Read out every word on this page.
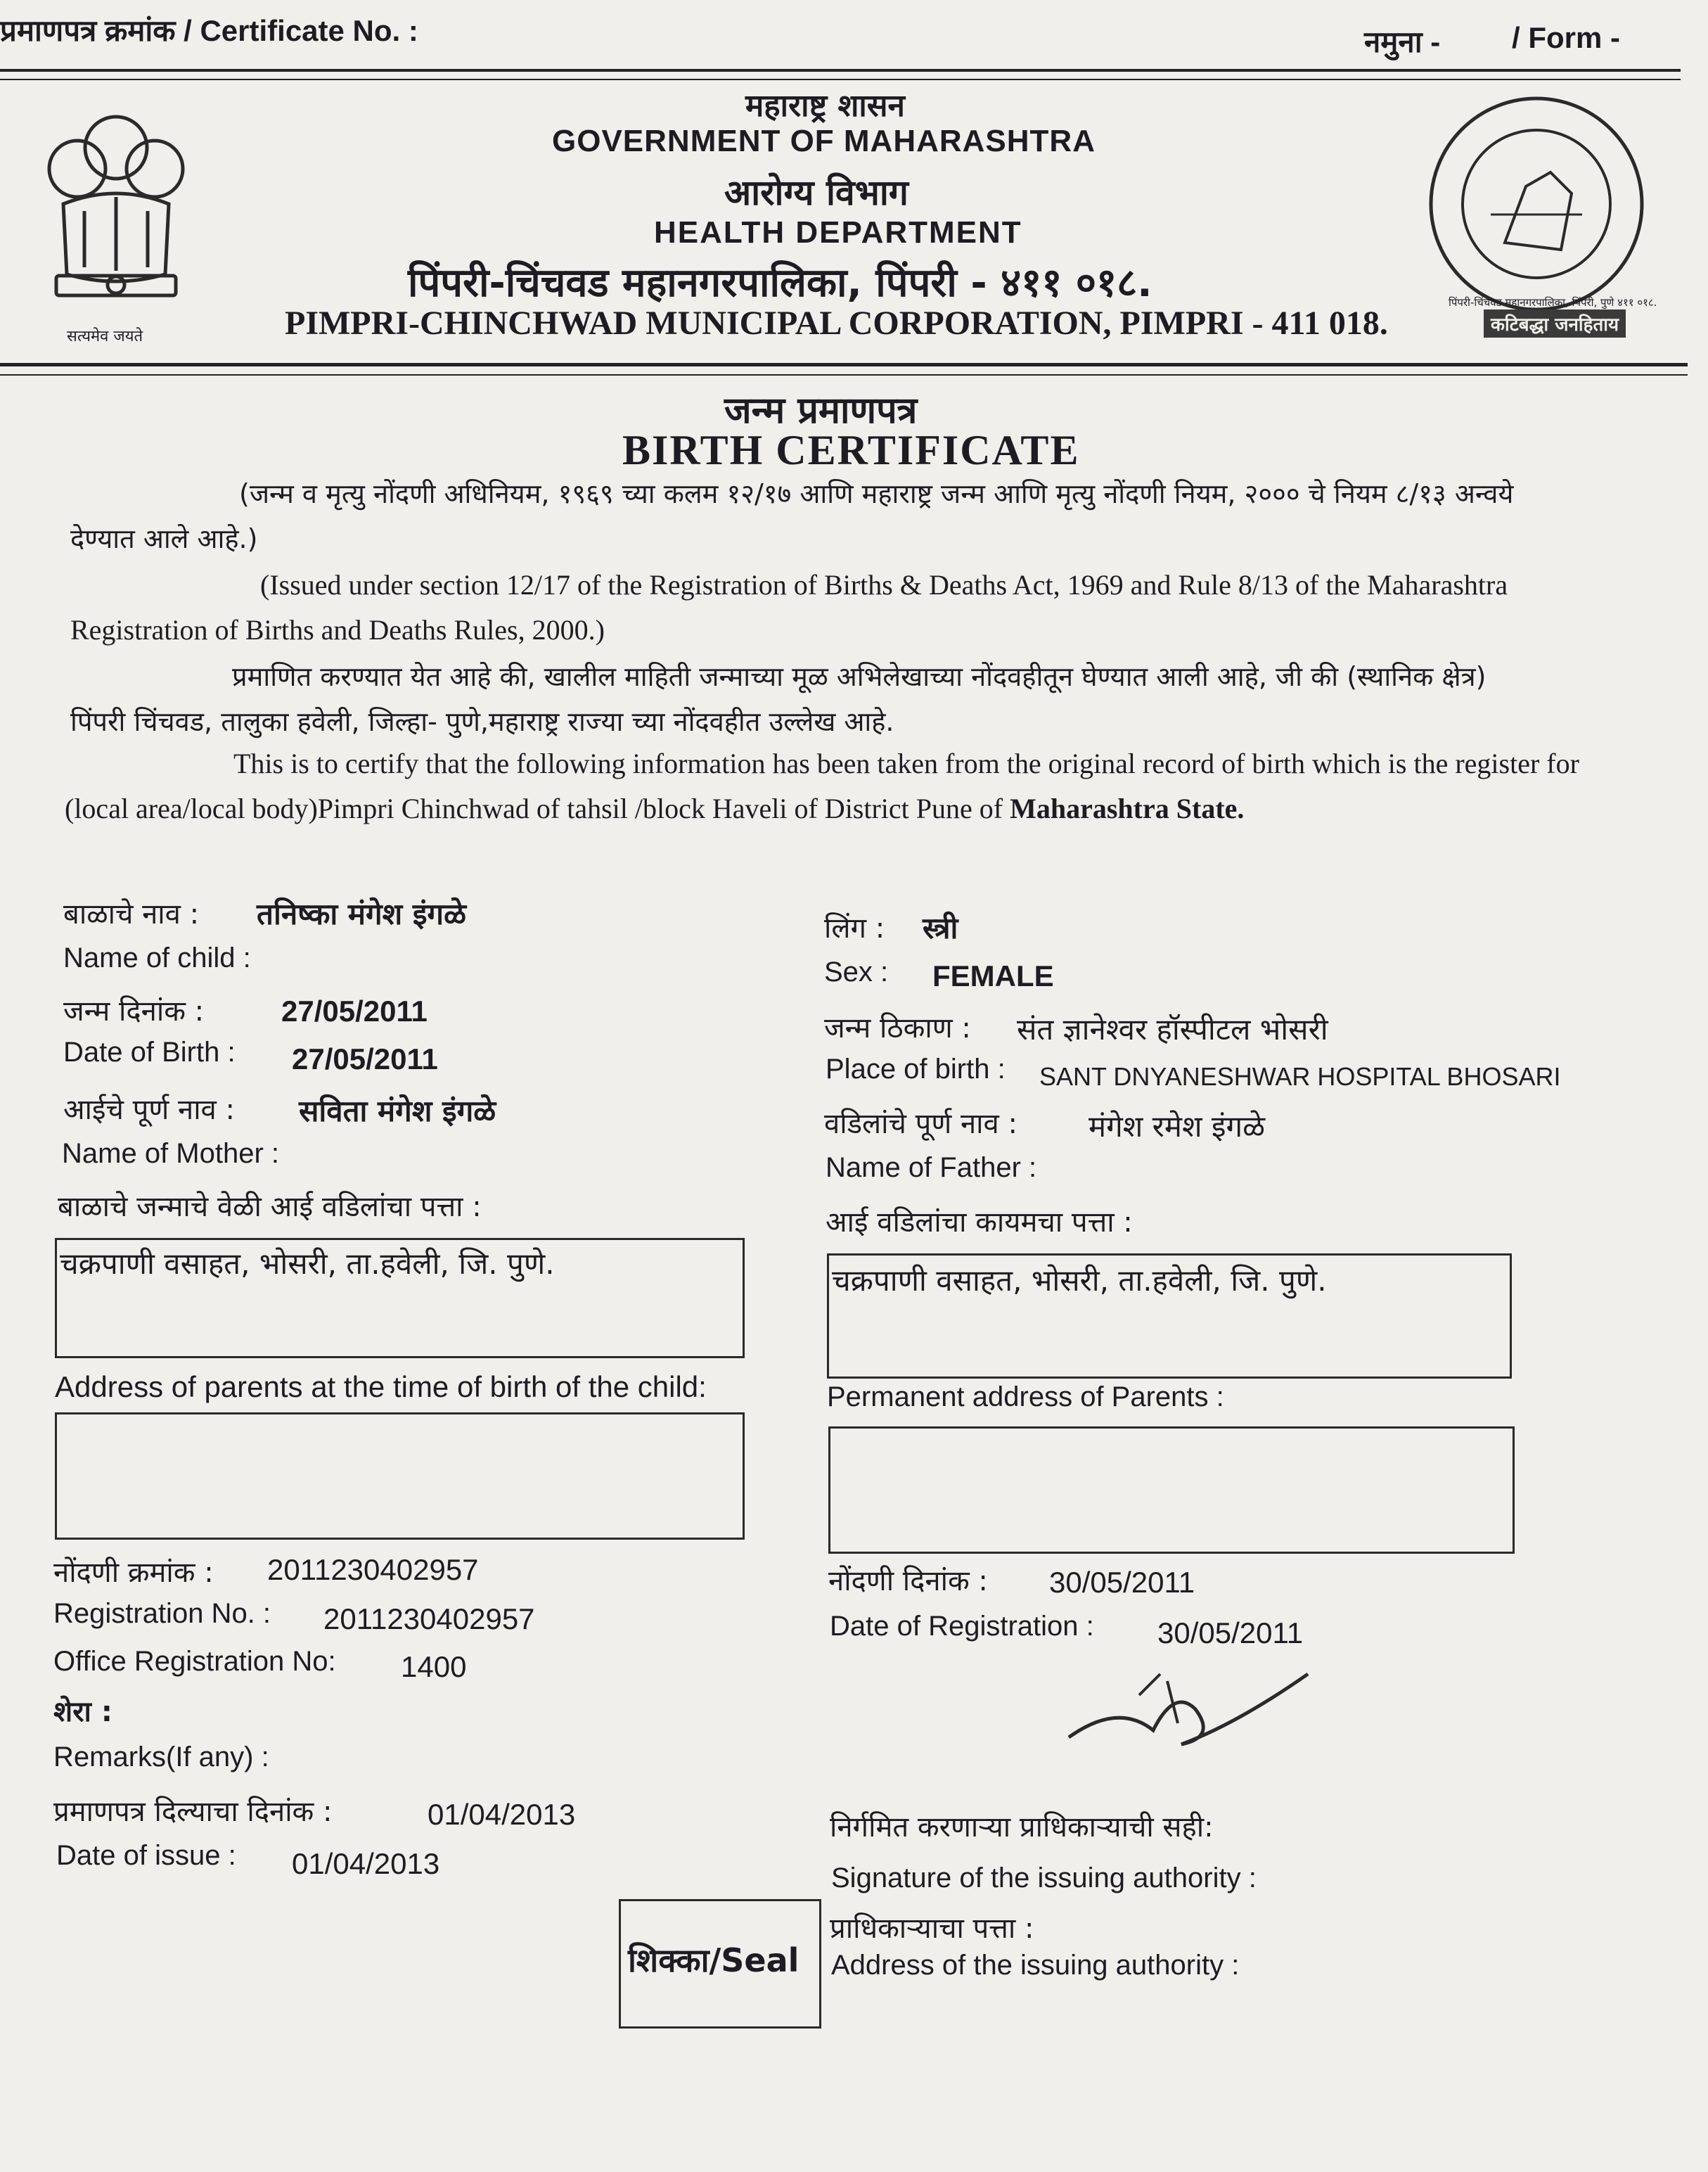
प्रमाणपत्र क्रमांक / Certificate No. :	नमुना - / Form -
सत्यमेव जयते
महाराष्ट्र शासन
GOVERNMENT OF MAHARASHTRA
आरोग्य विभाग
HEALTH DEPARTMENT
पिंपरी-चिंचवड महानगरपालिका, पिंपरी - ४११ ०१८.
PIMPRI-CHINCHWAD MUNICIPAL CORPORATION, PIMPRI - 411 018.
पिंपरी-चिंचवड महानगरपालिका, पिंपरी, पुणे ४११ ०१८.
कटिबद्धा जनहिताय
जन्म प्रमाणपत्र
BIRTH CERTIFICATE
(जन्म व मृत्यु नोंदणी अधिनियम, १९६९ च्या कलम १२/१७ आणि महाराष्ट्र जन्म आणि मृत्यु नोंदणी नियम, २००० चे नियम ८/१३ अन्वये देण्यात आले आहे.)
(Issued under section 12/17 of the Registration of Births & Deaths Act, 1969 and Rule 8/13 of the Maharashtra Registration of Births and Deaths Rules, 2000.)
प्रमाणित करण्यात येत आहे की, खालील माहिती जन्माच्या मूळ अभिलेखाच्या नोंदवहीतून घेण्यात आली आहे, जी की (स्थानिक क्षेत्र) पिंपरी चिंचवड, तालुका हवेली, जिल्हा- पुणे,महाराष्ट्र राज्या च्या नोंदवहीत उल्लेख आहे.
This is to certify that the following information has been taken from the original record of birth which is the register for (local area/local body)Pimpri Chinchwad of tahsil /block Haveli of District Pune of Maharashtra State.
बाळाचे नाव : तनिष्का मंगेश इंगळे
Name of child :
जन्म दिनांक :	27/05/2011
Date of Birth : 27/05/2011
आईचे पूर्ण नाव : सविता मंगेश इंगळे
Name of Mother :
बाळाचे जन्माचे वेळी आई वडिलांचा पत्ता :
चक्रपाणी वसाहत, भोसरी, ता.हवेली, जि. पुणे.
Address of parents at the time of birth of the child:
नोंदणी क्रमांक : 2011230402957
Registration No. : 2011230402957
Office Registration No: 1400
शेरा :
Remarks(If any) :
प्रमाणपत्र दिल्याचा दिनांक :	01/04/2013
Date of issue : 01/04/2013
शिक्का/Seal
लिंग : स्त्री
Sex : FEMALE
जन्म ठिकाण : संत ज्ञानेश्वर हॉस्पीटल भोसरी
Place of birth : SANT DNYANESHWAR HOSPITAL BHOSARI
वडिलांचे पूर्ण नाव : मंगेश रमेश इंगळे
Name of Father :
आई वडिलांचा कायमचा पत्ता :
चक्रपाणी वसाहत, भोसरी, ता.हवेली, जि. पुणे.
Permanent address of Parents :
नोंदणी दिनांक : 30/05/2011
Date of Registration : 30/05/2011
निर्गमित करणाऱ्या प्राधिकाऱ्याची सही:
Signature of the issuing authority :
प्राधिकाऱ्याचा पत्ता :
Address of the issuing authority :
